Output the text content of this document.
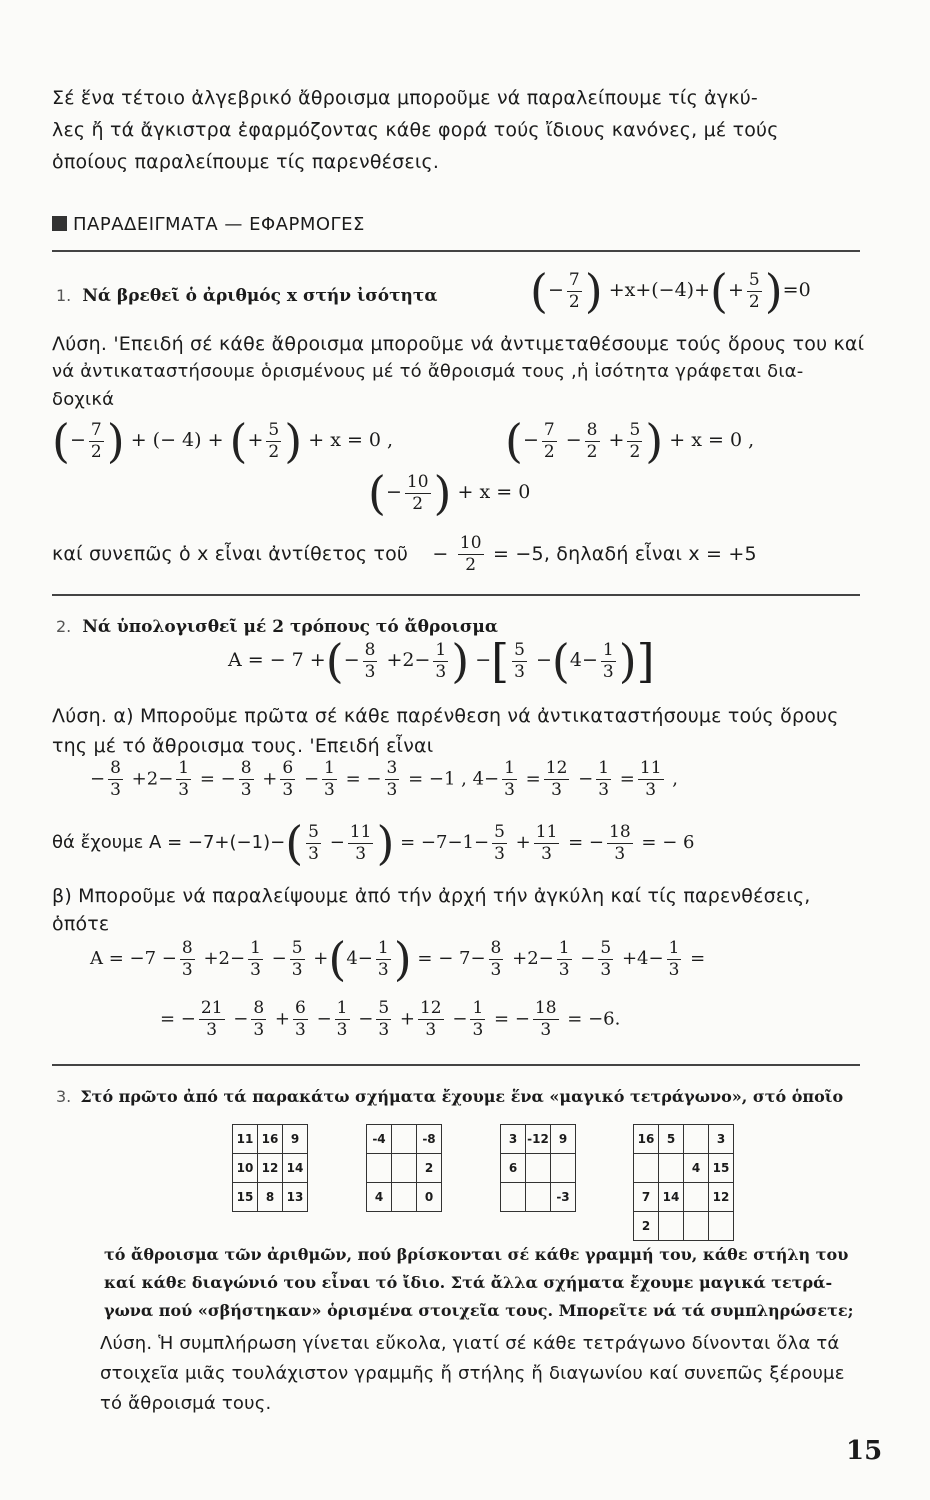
Σέ ἕνα τέτοιο ἀλγεβρικό ἄθροισμα μποροῦμε νά παραλείπουμε τίς ἀγκύ-
λες ἤ τά ἄγκιστρα ἐφαρμόζοντας κάθε φορά τούς ἴδιους κανόνες, μέ τούς
ὁποίους παραλείπουμε τίς παρενθέσεις.
ΠΑΡΑΔΕΙΓΜΑΤΑ — ΕΦΑΡΜΟΓΕΣ
1. Νά βρεθεῖ ὁ ἀριθμός x στήν ἰσότητα (− $\frac{7}{2}$ ) $+x+(-4)+(+ \frac{5}{2} )=0$
Λύση. 'Επειδή σέ κάθε ἄθροισμα μποροῦμε νά ἀντιμεταθέσουμε τούς ὅρους του καί
νά ἀντικαταστήσουμε ὁρισμένους μέ τό ἄθροισμά τους ,ἡ ἰσότητα γράφεται δια-
δοχικά
(− $\frac{7}{2}$ ) + (− 4) + (+ $\frac{5}{2}$ ) + x = 0 , (− $\frac{7}{2} - \frac{8}{2} + \frac{5}{2}$ ) + x = 0 ,
(− $\frac{10}{2}$ ) + x = 0
καί συνεπῶς ὁ x εἶναι ἀντίθετος τοῦ − $\frac{10}{2} = -5$, δηλαδή εἶναι x = +5
2. Νά ὑπολογισθεῖ μέ 2 τρόπους τό ἄθροισμα
A = − 7 +(− $\frac{8}{3} +2- \frac{1}{3}$ ) −[ $\frac{5}{3} -(4- \frac{1}{3}$ )]
Λύση. α) Μποροῦμε πρῶτα σέ κάθε παρένθεση νά ἀντικαταστήσουμε τούς ὅρους
της μέ τό ἄθροισμα τους. 'Επειδή εἶναι
− $\frac{8}{3} +2- \frac{1}{3}$ = − $\frac{8}{3} + \frac{6}{3} - \frac{1}{3}$ = − $\frac{3}{3} = -1$ , $4- \frac{1}{3} = \frac{12}{3} - \frac{1}{3} = \frac{11}{3}$ ,
θά ἔχουμε $A = -7+(-1)-( \frac{5}{3} - \frac{11}{3}$ ) = $-7-1- \frac{5}{3} + \frac{11}{3}$ = − $\frac{18}{3}$ = − 6
β) Μποροῦμε νά παραλείψουμε ἀπό τήν ἀρχή τήν ἀγκύλη καί τίς παρενθέσεις,
ὁπότε
$A = -7 - \frac{8}{3} +2- \frac{1}{3} - \frac{5}{3} +(4- \frac{1}{3}$ ) = − $7- \frac{8}{3} +2- \frac{1}{3} - \frac{5}{3} +4- \frac{1}{3}$ =
= − $\frac{21}{3} - \frac{8}{3} + \frac{6}{3} - \frac{1}{3} - \frac{5}{3} + \frac{12}{3} - \frac{1}{3}$ = − $\frac{18}{3} = -6$.
3. Στό πρῶτο ἀπό τά παρακάτω σχήματα ἔχουμε ἕνα «μαγικό τετράγωνο», στό ὁποῖο
11	16	9
10	12	14
15	8	13
-4		-8
		2
4		0
3	-12	9
6		
		-3
16	5		3
		4	15
7	14		12
2			
τό ἄθροισμα τῶν ἀριθμῶν, πού βρίσκονται σέ κάθε γραμμή του, κάθε στήλη του
καί κάθε διαγώνιό του εἶναι τό ἴδιο. Στά ἄλλα σχήματα ἔχουμε μαγικά τετρά-
γωνα πού «σβήστηκαν» ὁρισμένα στοιχεῖα τους. Μπορεῖτε νά τά συμπληρώσετε;
Λύση. Ἡ συμπλήρωση γίνεται εὔκολα, γιατί σέ κάθε τετράγωνο δίνονται ὅλα τά
στοιχεῖα μιᾶς τουλάχιστον γραμμῆς ἤ στήλης ἤ διαγωνίου καί συνεπῶς ξέρουμε
τό ἄθροισμά τους.
15
